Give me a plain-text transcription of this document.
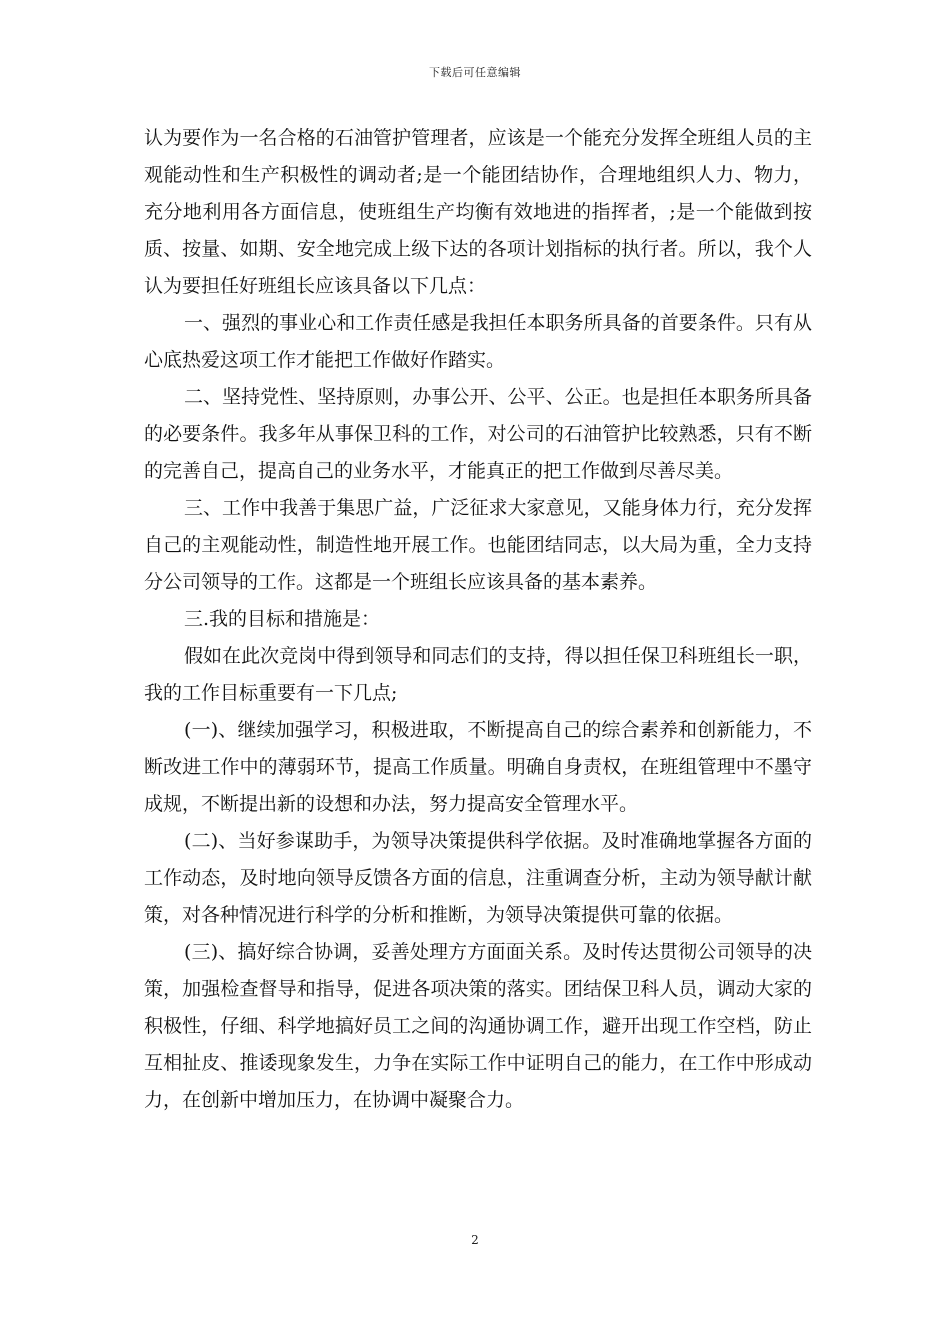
下载后可任意编辑

认为要作为一名合格的石油管护管理者，应该是一个能充分发挥全班组人员的主观能动性和生产积极性的调动者;是一个能团结协作，合理地组织人力、物力，充分地利用各方面信息，使班组生产均衡有效地进的指挥者，;是一个能做到按质、按量、如期、安全地完成上级下达的各项计划指标的执行者。所以，我个人认为要担任好班组长应该具备以下几点：

一、强烈的事业心和工作责任感是我担任本职务所具备的首要条件。只有从心底热爱这项工作才能把工作做好作踏实。

二、坚持党性、坚持原则，办事公开、公平、公正。也是担任本职务所具备的必要条件。我多年从事保卫科的工作，对公司的石油管护比较熟悉，只有不断的完善自己，提高自己的业务水平，才能真正的把工作做到尽善尽美。

三、工作中我善于集思广益，广泛征求大家意见，又能身体力行，充分发挥自己的主观能动性，制造性地开展工作。也能团结同志，以大局为重，全力支持分公司领导的工作。这都是一个班组长应该具备的基本素养。

三.我的目标和措施是：

假如在此次竞岗中得到领导和同志们的支持，得以担任保卫科班组长一职，我的工作目标重要有一下几点;

(一)、继续加强学习，积极进取，不断提高自己的综合素养和创新能力，不断改进工作中的薄弱环节，提高工作质量。明确自身责权，在班组管理中不墨守成规，不断提出新的设想和办法，努力提高安全管理水平。

(二)、当好参谋助手，为领导决策提供科学依据。及时准确地掌握各方面的工作动态，及时地向领导反馈各方面的信息，注重调查分析，主动为领导献计献策，对各种情况进行科学的分析和推断，为领导决策提供可靠的依据。

(三)、搞好综合协调，妥善处理方方面面关系。及时传达贯彻公司领导的决策，加强检查督导和指导，促进各项决策的落实。团结保卫科人员，调动大家的积极性，仔细、科学地搞好员工之间的沟通协调工作，避开出现工作空档，防止互相扯皮、推诿现象发生，力争在实际工作中证明自己的能力，在工作中形成动力，在创新中增加压力，在协调中凝聚合力。

2
